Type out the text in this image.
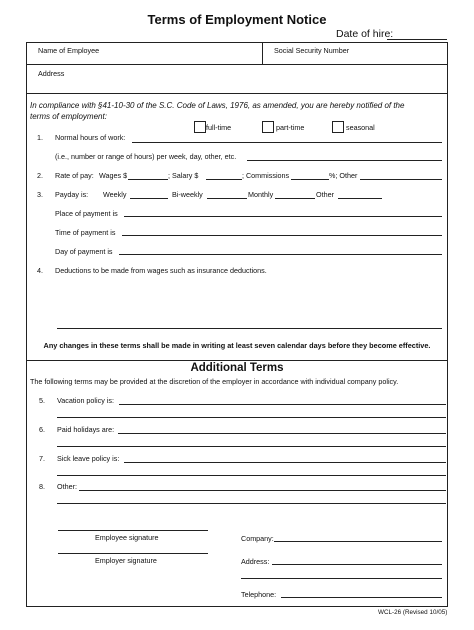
Terms of Employment Notice
Date of hire:
Name of Employee	Social Security Number
Address
In compliance with §41-10-30 of the S.C. Code of Laws, 1976, as amended, you are hereby notified of the
terms of employment:
1. Normal hours of work:
full-time	part-time	seasonal
(i.e., number or range of hours) per week, day, other, etc.
2. Rate of pay: Wages $	; Salary $	; Commissions	%; Other
3. Payday is: Weekly	Bi-weekly	Monthly	Other
Place of payment is
Time of payment is
Day of payment is
4. Deductions to be made from wages such as insurance deductions.
Any changes in these terms shall be made in writing at least seven calendar days before they become effective.
Additional Terms
The following terms may be provided at the discretion of the employer in accordance with individual company policy.
5. Vacation policy is:
6. Paid holidays are:
7. Sick leave policy is:
8. Other:
Employee signature
Employer signature
Company:
Address:
Telephone:
WCL-26 (Revised 10/05)
